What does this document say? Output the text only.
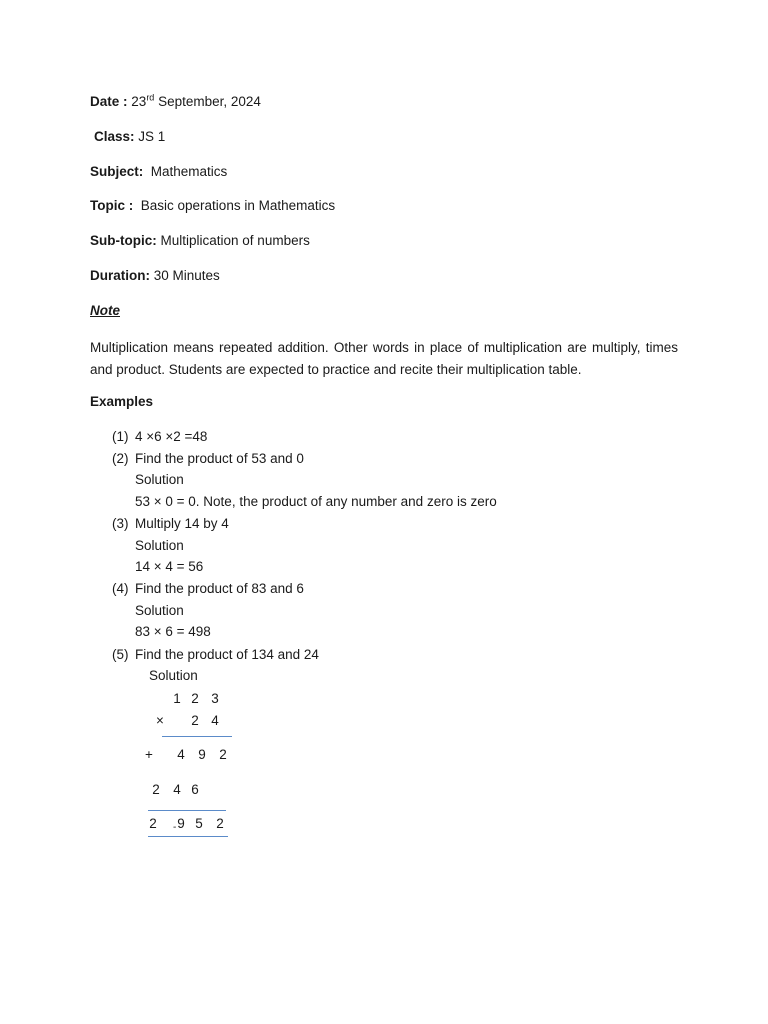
Date : 23rd September, 2024
Class: JS 1
Subject: Mathematics
Topic : Basic operations in Mathematics
Sub-topic: Multiplication of numbers
Duration: 30 Minutes
Note
Multiplication means repeated addition. Other words in place of multiplication are multiply, times and product. Students are expected to practice and recite their multiplication table.
Examples
(1) 4 ×6 ×2 =48
(2) Find the product of 53 and 0
Solution
53 × 0 = 0. Note, the product of any number and zero is zero
(3) Multiply 14 by 4
Solution
14 × 4 = 56
(4) Find the product of 83 and 6
Solution
83 × 6 = 498
(5) Find the product of 134 and 24
Solution
1 2 3
×	2 4
+	4 9 2
2 4 6
2	9 5 2
-
